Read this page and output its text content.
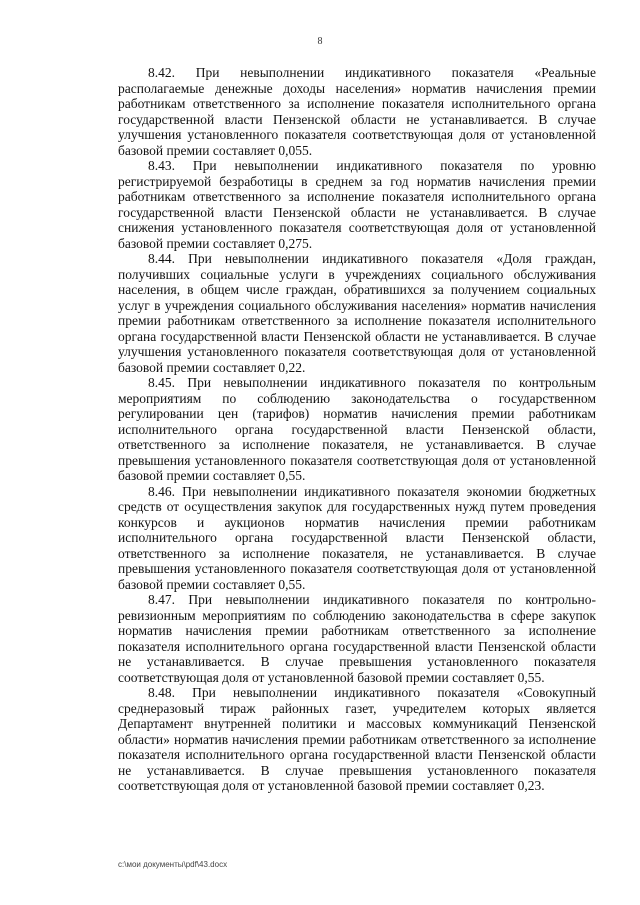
8

8.42. При невыполнении индикативного показателя «Реальные располагаемые денежные доходы населения» норматив начисления премии работникам ответственного за исполнение показателя исполнительного органа государственной власти Пензенской области не устанавливается. В случае улучшения установленного показателя соответствующая доля от установленной базовой премии составляет 0,055.

8.43. При невыполнении индикативного показателя по уровню регистрируемой безработицы в среднем за год норматив начисления премии работникам ответственного за исполнение показателя исполнительного органа государственной власти Пензенской области не устанавливается. В случае снижения установленного показателя соответствующая доля от установленной базовой премии составляет 0,275.

8.44. При невыполнении индикативного показателя «Доля граждан, получивших социальные услуги в учреждениях социального обслуживания населения, в общем числе граждан, обратившихся за получением социальных услуг в учреждения социального обслуживания населения» норматив начисления премии работникам ответственного за исполнение показателя исполнительного органа государственной власти Пензенской области не устанавливается. В случае улучшения установленного показателя соответствующая доля от установленной базовой премии составляет 0,22.

8.45. При невыполнении индикативного показателя по контрольным мероприятиям по соблюдению законодательства о государственном регулировании цен (тарифов) норматив начисления премии работникам исполнительного органа государственной власти Пензенской области, ответственного за исполнение показателя, не устанавливается. В случае превышения установленного показателя соответствующая доля от установленной базовой премии составляет 0,55.

8.46. При невыполнении индикативного показателя экономии бюджетных средств от осуществления закупок для государственных нужд путем проведения конкурсов и аукционов норматив начисления премии работникам исполнительного органа государственной власти Пензенской области, ответственного за исполнение показателя, не устанавливается. В случае превышения установленного показателя соответствующая доля от установленной базовой премии составляет 0,55.

8.47. При невыполнении индикативного показателя по контрольно-ревизионным мероприятиям по соблюдению законодательства в сфере закупок норматив начисления премии работникам ответственного за исполнение показателя исполнительного органа государственной власти Пензенской области не устанавливается. В случае превышения установленного показателя соответствующая доля от установленной базовой премии составляет 0,55.

8.48. При невыполнении индикативного показателя «Совокупный среднеразовый тираж районных газет, учредителем которых является Департамент внутренней политики и массовых коммуникаций Пензенской области» норматив начисления премии работникам ответственного за исполнение показателя исполнительного органа государственной власти Пензенской области не устанавливается. В случае превышения установленного показателя соответствующая доля от установленной базовой премии составляет 0,23.

c:\мои документы\pdf\43.docx
